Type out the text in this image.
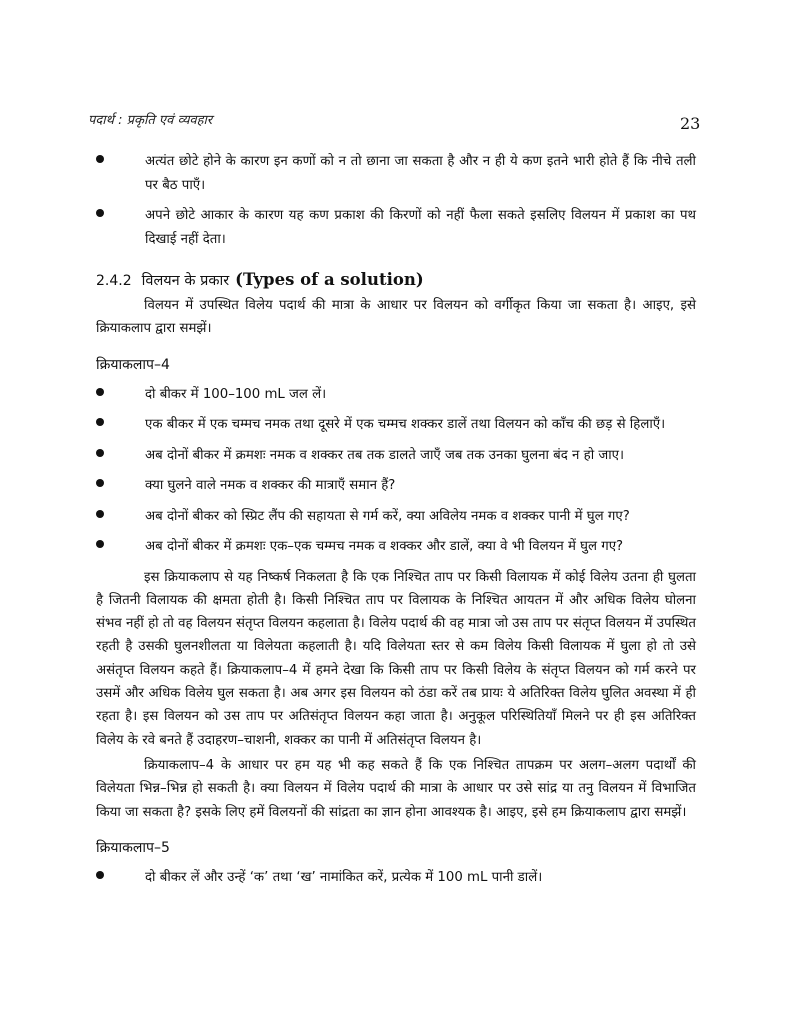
पदार्थ : प्रकृति एवं व्यवहार	23
अत्यंत छोटे होने के कारण इन कणों को न तो छाना जा सकता है और न ही ये कण इतने भारी होते हैं कि नीचे तली पर बैठ पाएँ।
अपने छोटे आकार के कारण यह कण प्रकाश की किरणों को नहीं फैला सकते इसलिए विलयन में प्रकाश का पथ दिखाई नहीं देता।
2.4.2 विलयन के प्रकार (Types of a solution)

विलयन में उपस्थित विलेय पदार्थ की मात्रा के आधार पर विलयन को वर्गीकृत किया जा सकता है। आइए, इसे क्रियाकलाप द्वारा समझें।

क्रियाकलाप–4
दो बीकर में 100–100 mL जल लें।
एक बीकर में एक चम्मच नमक तथा दूसरे में एक चम्मच शक्कर डालें तथा विलयन को काँच की छड़ से हिलाएँ।
अब दोनों बीकर में क्रमशः नमक व शक्कर तब तक डालते जाएँ जब तक उनका घुलना बंद न हो जाए।
क्या घुलने वाले नमक व शक्कर की मात्राएँ समान हैं?
अब दोनों बीकर को स्प्रिट लैंप की सहायता से गर्म करें, क्या अविलेय नमक व शक्कर पानी में घुल गए?
अब दोनों बीकर में क्रमशः एक–एक चम्मच नमक व शक्कर और डालें, क्या वे भी विलयन में घुल गए?

इस क्रियाकलाप से यह निष्कर्ष निकलता है कि एक निश्चित ताप पर किसी विलायक में कोई विलेय उतना ही घुलता है जितनी विलायक की क्षमता होती है। किसी निश्चित ताप पर विलायक के निश्चित आयतन में और अधिक विलेय घोलना संभव नहीं हो तो वह विलयन संतृप्त विलयन कहलाता है। विलेय पदार्थ की वह मात्रा जो उस ताप पर संतृप्त विलयन में उपस्थित रहती है उसकी घुलनशीलता या विलेयता कहलाती है। यदि विलेयता स्तर से कम विलेय किसी विलायक में घुला हो तो उसे असंतृप्त विलयन कहते हैं। क्रियाकलाप–4 में हमने देखा कि किसी ताप पर किसी विलेय के संतृप्त विलयन को गर्म करने पर उसमें और अधिक विलेय घुल सकता है। अब अगर इस विलयन को ठंडा करें तब प्रायः ये अतिरिक्त विलेय घुलित अवस्था में ही रहता है। इस विलयन को उस ताप पर अतिसंतृप्त विलयन कहा जाता है। अनुकूल परिस्थितियाँ मिलने पर ही इस अतिरिक्त विलेय के रवे बनते हैं उदाहरण–चाशनी, शक्कर का पानी में अतिसंतृप्त विलयन है।

क्रियाकलाप–4 के आधार पर हम यह भी कह सकते हैं कि एक निश्चित तापक्रम पर अलग–अलग पदार्थों की विलेयता भिन्न–भिन्न हो सकती है। क्या विलयन में विलेय पदार्थ की मात्रा के आधार पर उसे सांद्र या तनु विलयन में विभाजित किया जा सकता है? इसके लिए हमें विलयनों की सांद्रता का ज्ञान होना आवश्यक है। आइए, इसे हम क्रियाकलाप द्वारा समझें।

क्रियाकलाप–5
दो बीकर लें और उन्हें ‘क’ तथा ‘ख’ नामांकित करें, प्रत्येक में 100 mL पानी डालें।
